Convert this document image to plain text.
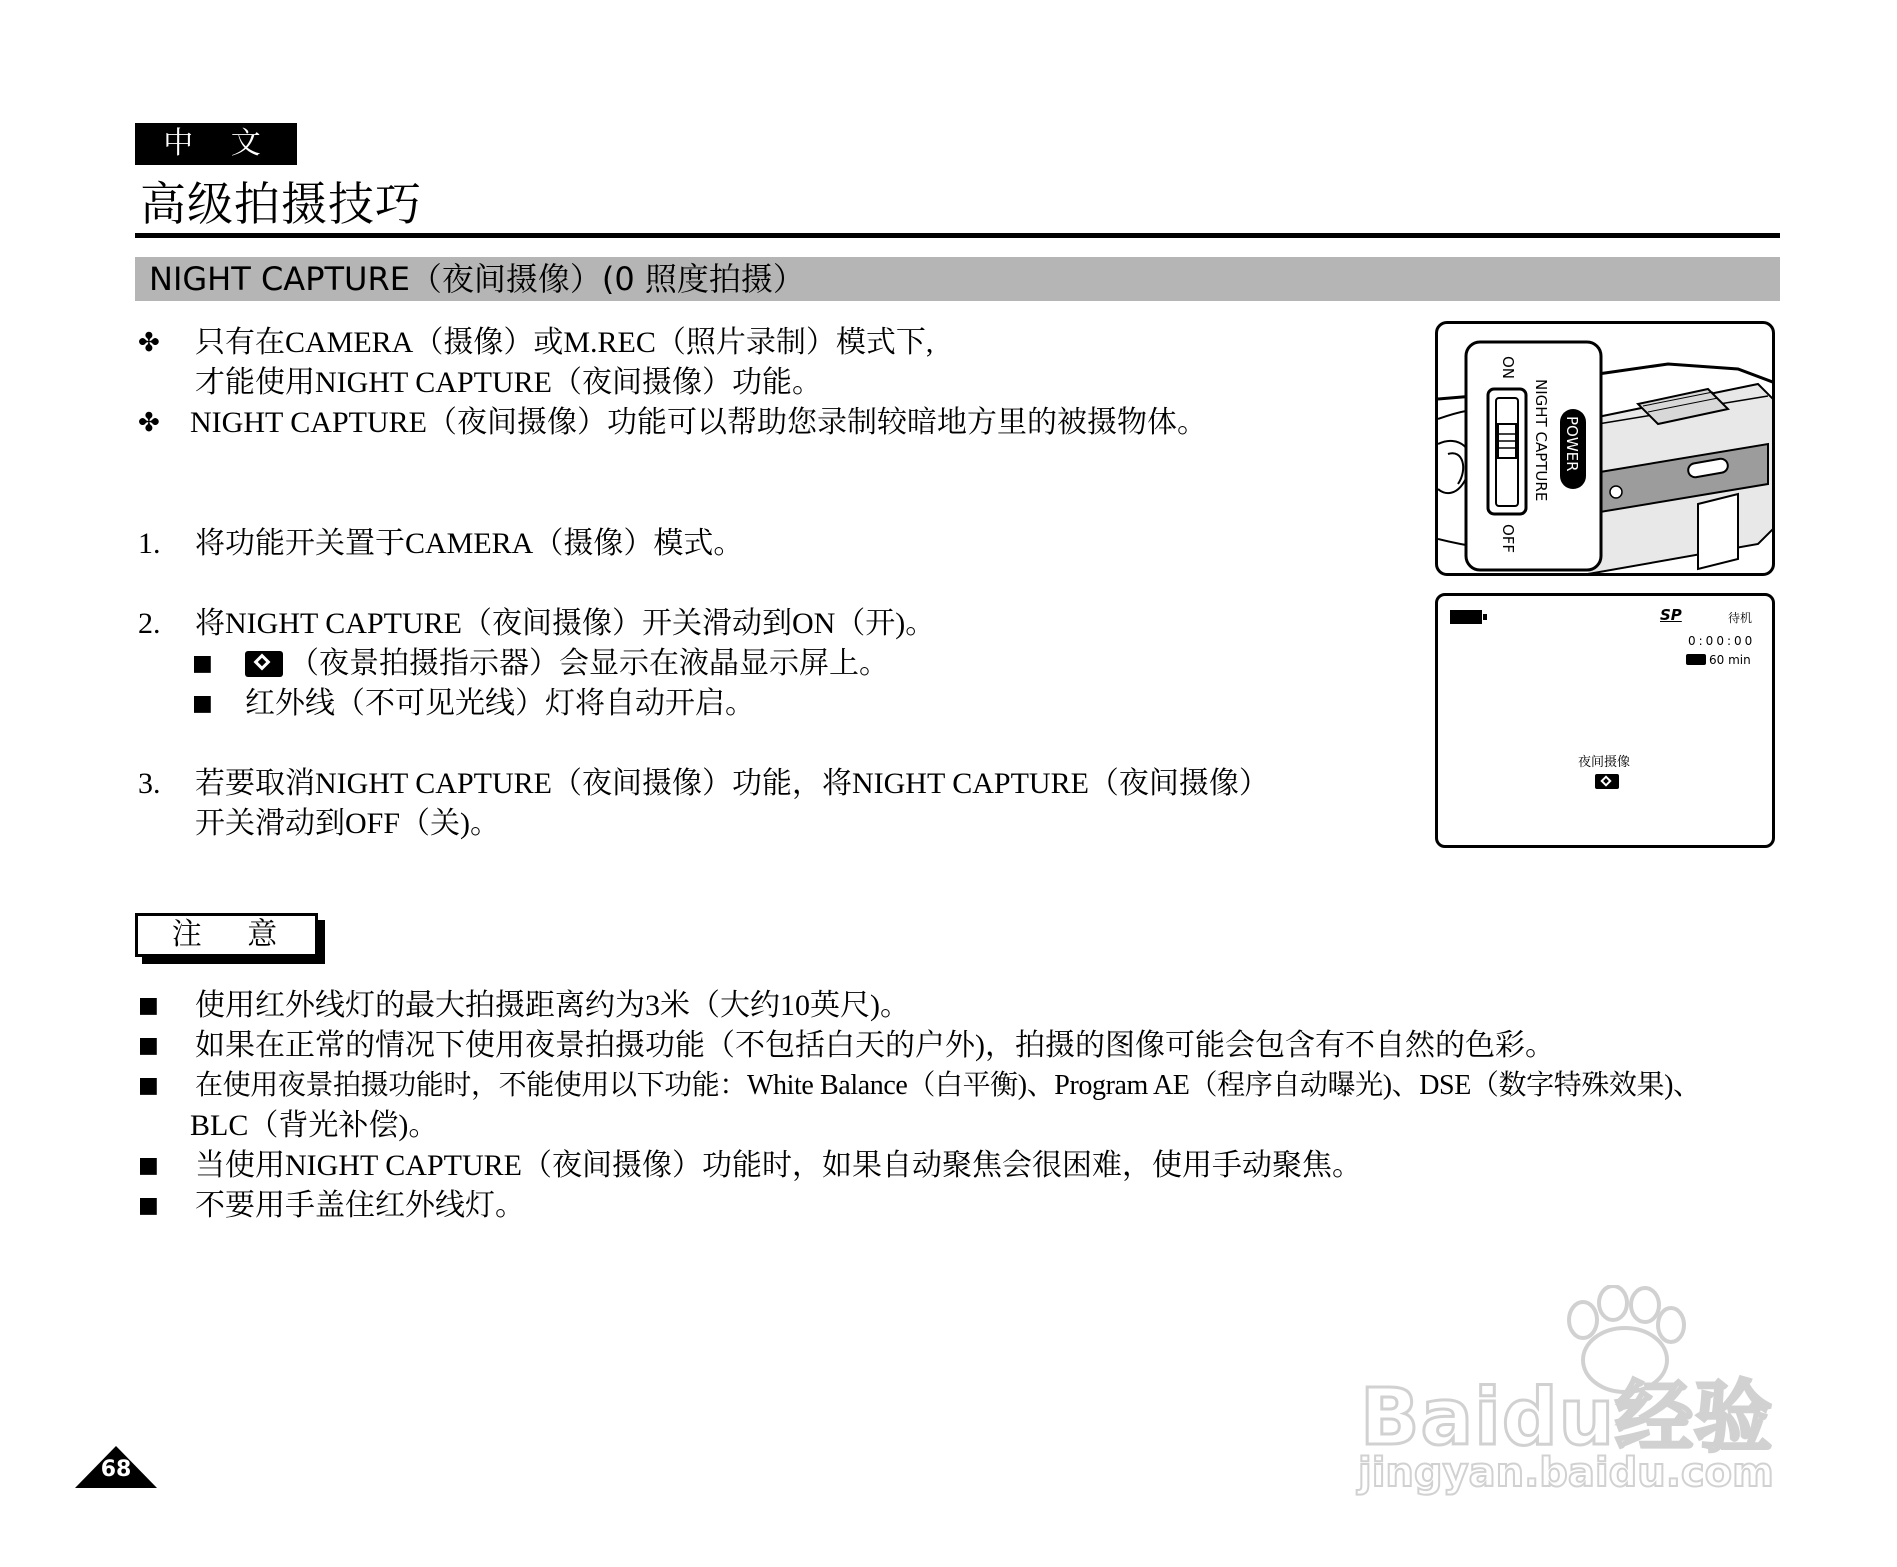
中 文
高级拍摄技巧
NIGHT CAPTURE（夜间摄像）(0 照度拍摄）
✤ 只有在CAMERA（摄像）或M.REC（照片录制）模式下,
才能使用NIGHT CAPTURE（夜间摄像）功能。
✤ NIGHT CAPTURE（夜间摄像）功能可以帮助您录制较暗地方里的被摄物体。
1. 将功能开关置于CAMERA（摄像）模式。
2. 将NIGHT CAPTURE（夜间摄像）开关滑动到ON（开)。
■	（夜景拍摄指示器）会显示在液晶显示屏上。
■ 红外线（不可见光线）灯将自动开启。
3. 若要取消NIGHT CAPTURE（夜间摄像）功能，将NIGHT CAPTURE（夜间摄像）
开关滑动到OFF（关)。
ON
NIGHT CAPTURE POWER
OFF
SP	待机
0:00:00
60 min
夜间摄像
注 意
■ 使用红外线灯的最大拍摄距离约为3米（大约10英尺)。
■ 如果在正常的情况下使用夜景拍摄功能（不包括白天的户外)，拍摄的图像可能会包含有不自然的色彩。
■ 在使用夜景拍摄功能时，不能使用以下功能：White Balance（白平衡)、Program AE（程序自动曝光)、DSE（数字特殊效果)、
BLC（背光补偿)。
■ 当使用NIGHT CAPTURE（夜间摄像）功能时，如果自动聚焦会很困难，使用手动聚焦。
■ 不要用手盖住红外线灯。
68
Baidu经验
jingyan.baidu.com
